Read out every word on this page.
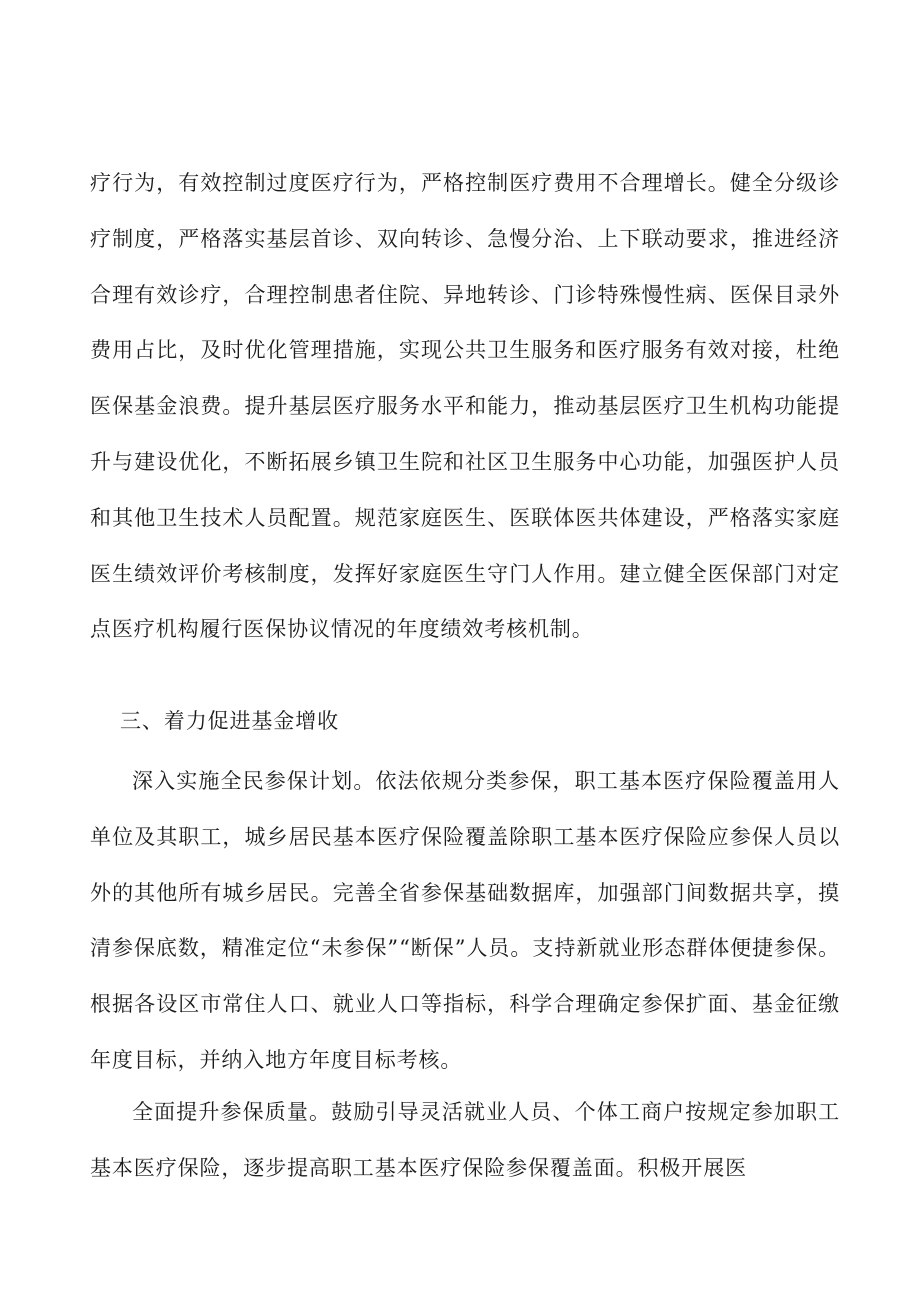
疗行为，有效控制过度医疗行为，严格控制医疗费用不合理增长。健全分级诊疗制度，严格落实基层首诊、双向转诊、急慢分治、上下联动要求，推进经济合理有效诊疗，合理控制患者住院、异地转诊、门诊特殊慢性病、医保目录外费用占比，及时优化管理措施，实现公共卫生服务和医疗服务有效对接，杜绝医保基金浪费。提升基层医疗服务水平和能力，推动基层医疗卫生机构功能提升与建设优化，不断拓展乡镇卫生院和社区卫生服务中心功能，加强医护人员和其他卫生技术人员配置。规范家庭医生、医联体医共体建设，严格落实家庭医生绩效评价考核制度，发挥好家庭医生守门人作用。建立健全医保部门对定点医疗机构履行医保协议情况的年度绩效考核机制。

三、着力促进基金增收

深入实施全民参保计划。依法依规分类参保，职工基本医疗保险覆盖用人单位及其职工，城乡居民基本医疗保险覆盖除职工基本医疗保险应参保人员以外的其他所有城乡居民。完善全省参保基础数据库，加强部门间数据共享，摸清参保底数，精准定位“未参保”“断保”人员。支持新就业形态群体便捷参保。根据各设区市常住人口、就业人口等指标，科学合理确定参保扩面、基金征缴年度目标，并纳入地方年度目标考核。

全面提升参保质量。鼓励引导灵活就业人员、个体工商户按规定参加职工基本医疗保险，逐步提高职工基本医疗保险参保覆盖面。积极开展医
